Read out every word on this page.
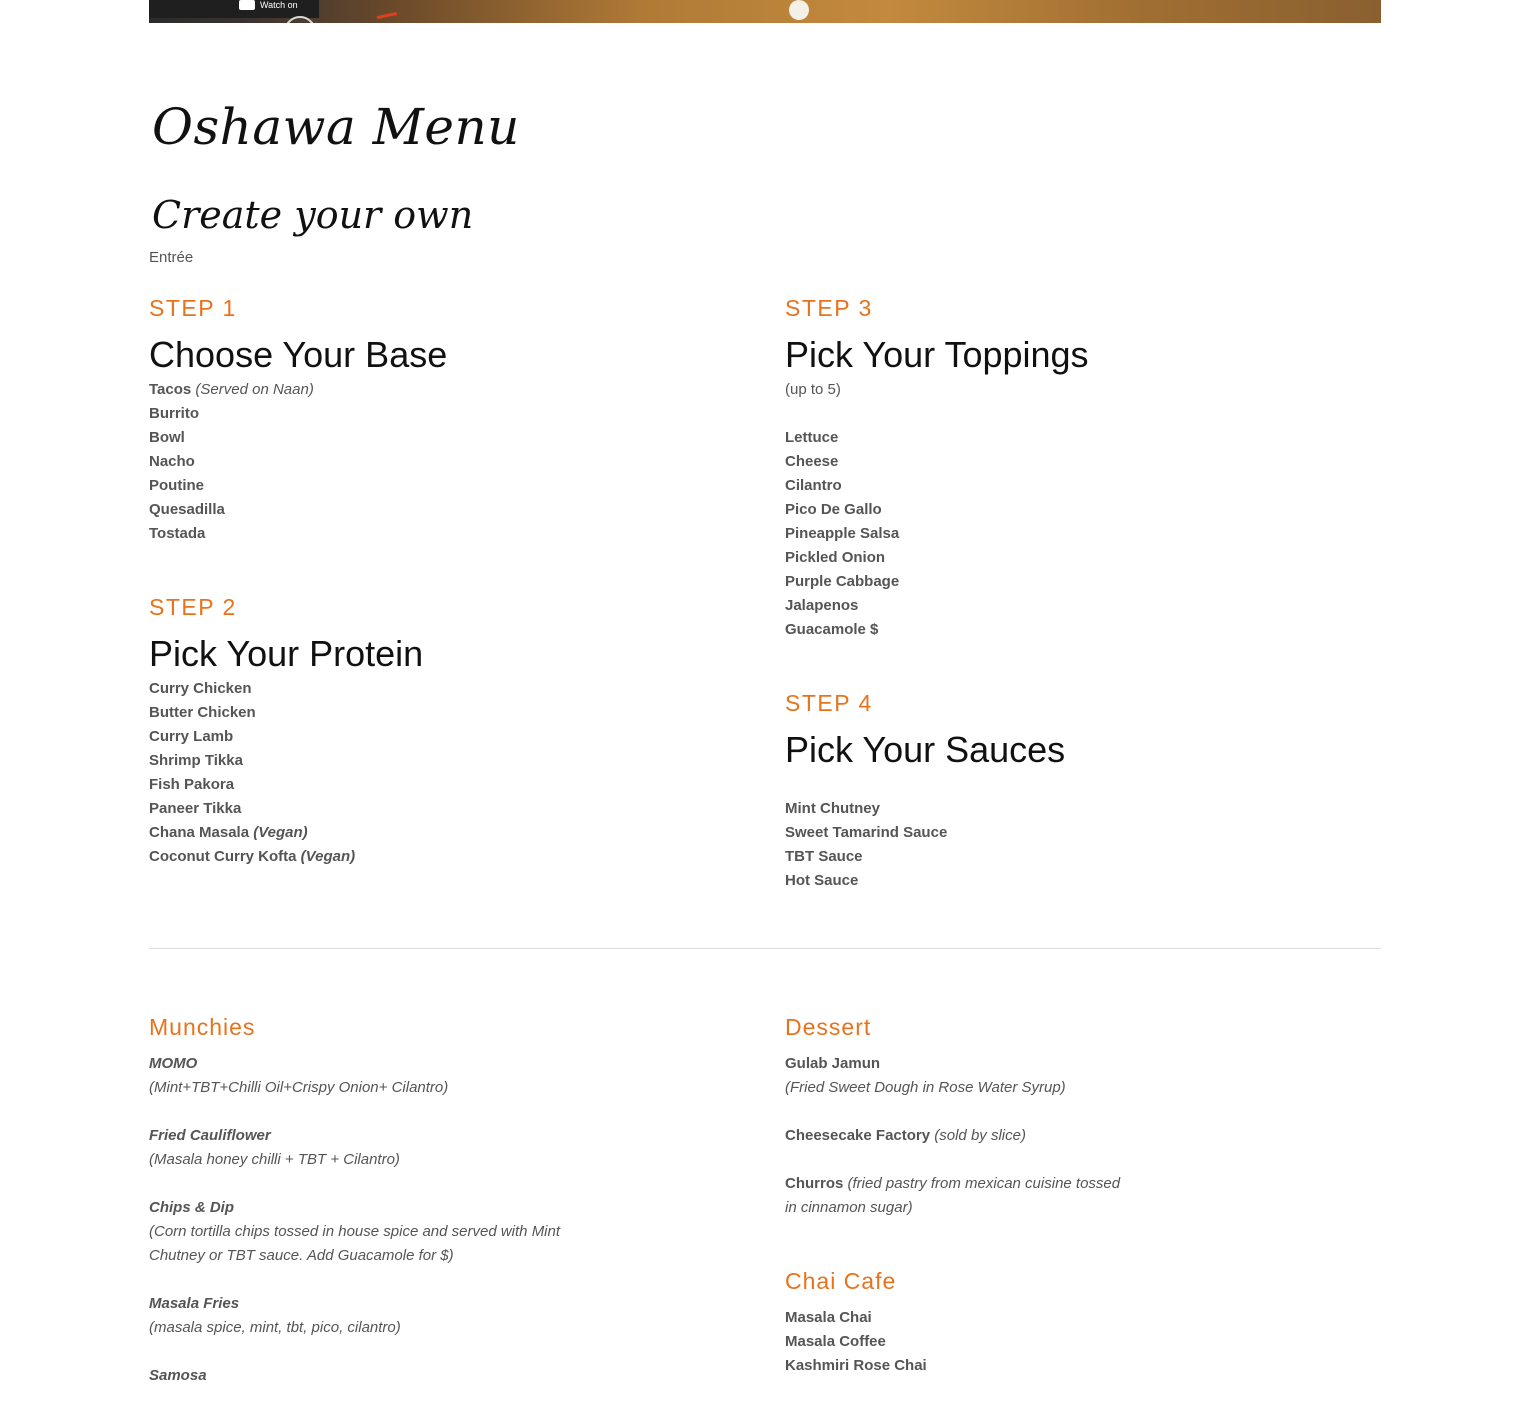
Watch on
Oshawa Menu
Create your own
Entrée
STEP 1
Choose Your Base
Tacos (Served on Naan)
Burrito
Bowl
Nacho
Poutine
Quesadilla
Tostada
STEP 2
Pick Your Protein
Curry Chicken
Butter Chicken
Curry Lamb
Shrimp Tikka
Fish Pakora
Paneer Tikka
Chana Masala (Vegan)
Coconut Curry Kofta (Vegan)
STEP 3
Pick Your Toppings
(up to 5)
Lettuce
Cheese
Cilantro
Pico De Gallo
Pineapple Salsa
Pickled Onion
Purple Cabbage
Jalapenos
Guacamole $
STEP 4
Pick Your Sauces
Mint Chutney
Sweet Tamarind Sauce
TBT Sauce
Hot Sauce
Munchies
MOMO
(Mint+TBT+Chilli Oil+Crispy Onion+ Cilantro)
Fried Cauliflower
(Masala honey chilli + TBT + Cilantro)
Chips & Dip
(Corn tortilla chips tossed in house spice and served with Mint Chutney or TBT sauce. Add Guacamole for $)
Masala Fries
(masala spice, mint, tbt, pico, cilantro)
Samosa
Dessert
Gulab Jamun
(Fried Sweet Dough in Rose Water Syrup)
Cheesecake Factory (sold by slice)
Churros (fried pastry from mexican cuisine tossed in cinnamon sugar)
Chai Cafe
Masala Chai
Masala Coffee
Kashmiri Rose Chai
